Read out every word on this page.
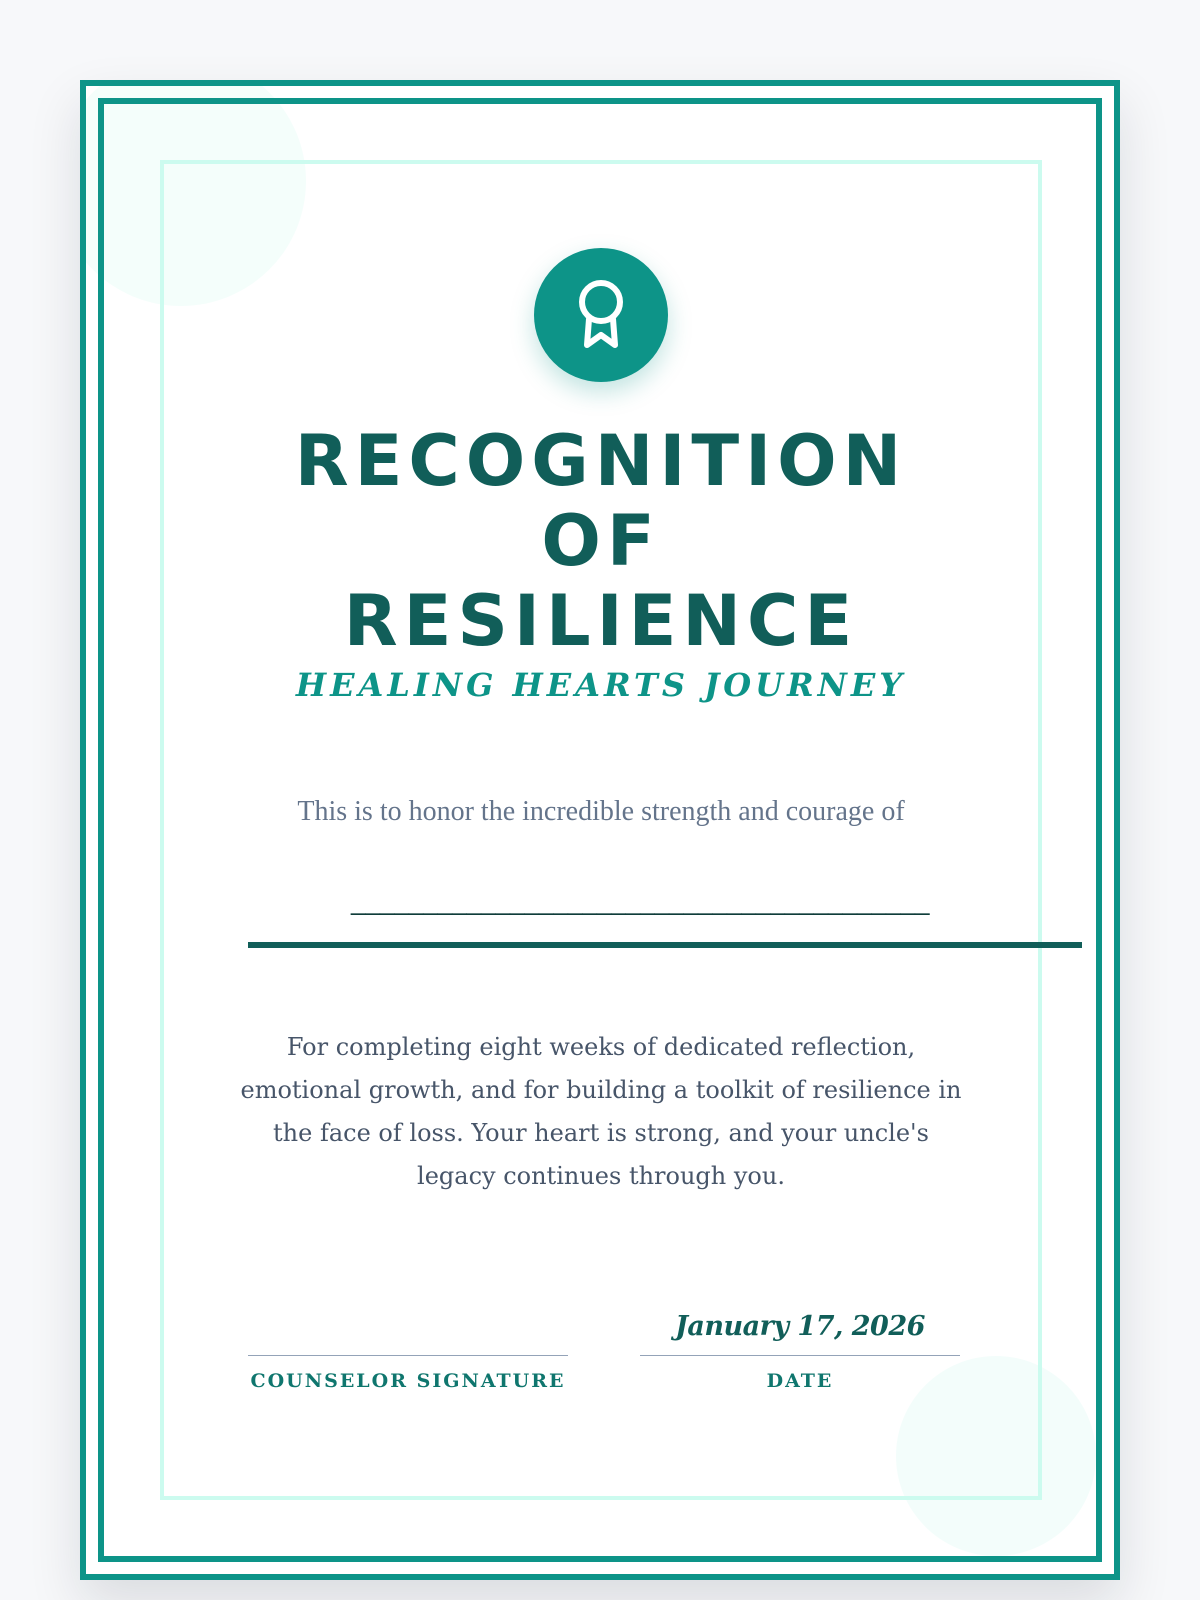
RECOGNITION
OF
RESILIENCE
HEALING HEARTS JOURNEY
This is to honor the incredible strength and courage of
________________________________________

For completing eight weeks of dedicated reflection, emotional growth, and for building a toolkit of resilience in the face of loss. Your heart is strong, and your uncle's legacy continues through you.

COUNSELOR SIGNATURE
January 17, 2026
DATE
